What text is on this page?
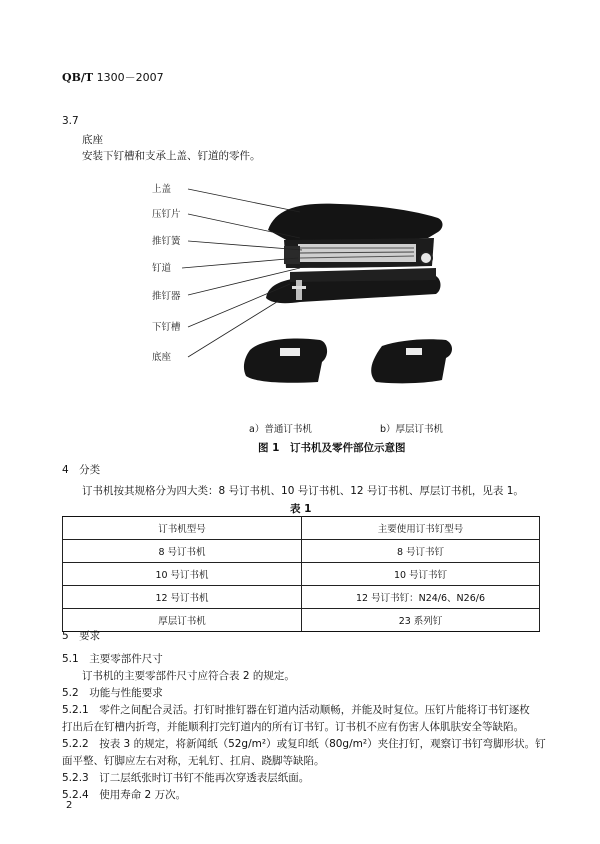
QB/T 1300－2007
3.7
底座
安装下钉槽和支承上盖、钉道的零件。
上盖
压钉片
推钉簧
钉道
推钉器
下钉槽
底座
a）普通订书机	b）厚层订书机
图 1　订书机及零件部位示意图
4　分类
订书机按其规格分为四大类：8 号订书机、10 号订书机、12 号订书机、厚层订书机，见表 1。
表 1
订书机型号	主要使用订书钉型号
8 号订书机	8 号订书钉
10 号订书机	10 号订书钉
12 号订书机	12 号订书钉：N24/6、N26/6
厚层订书机	23 系列钉
5　要求
5.1　主要零部件尺寸
订书机的主要零部件尺寸应符合表 2 的规定。
5.2　功能与性能要求
5.2.1　零件之间配合灵活。打钉时推钉器在钉道内活动顺畅，并能及时复位。压钉片能将订书钉逐枚
打出后在钉槽内折弯，并能顺利打完钉道内的所有订书钉。订书机不应有伤害人体肌肤安全等缺陷。
5.2.2　按表 3 的规定，将新闻纸（52g/m²）或复印纸（80g/m²）夹住打钉，观察订书钉弯脚形状。钉
面平整、钉脚应左右对称，无轧钉、扛肩、跷脚等缺陷。
5.2.3　订二层纸张时订书钉不能再次穿透表层纸面。
5.2.4　使用寿命 2 万次。
2
